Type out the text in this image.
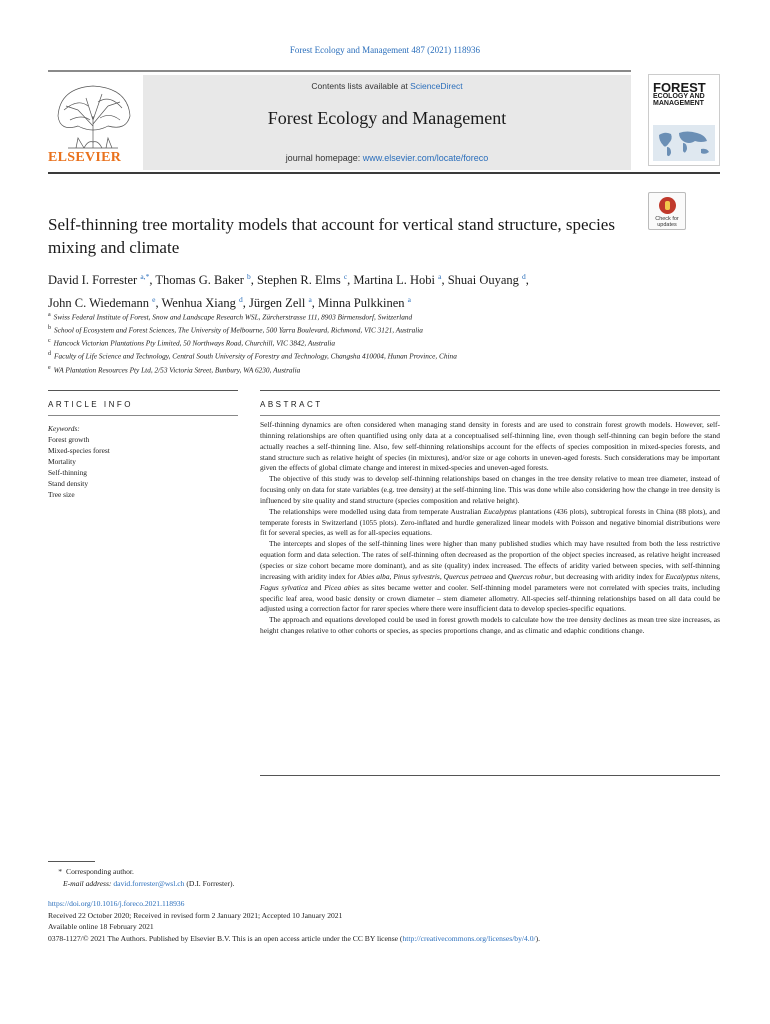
Forest Ecology and Management 487 (2021) 118936
ELSEVIER
Contents lists available at ScienceDirect
Forest Ecology and Management
journal homepage: www.elsevier.com/locate/foreco
FOREST
ECOLOGY AND
MANAGEMENT
Check for
updates
Self-thinning tree mortality models that account for vertical stand structure, species mixing and climate
David I. Forrester $^{a,*}$, Thomas G. Baker $^b$, Stephen R. Elms $^c$, Martina L. Hobi $^a$, Shuai Ouyang $^d$,
John C. Wiedemann $^e$, Wenhua Xiang $^d$, Jürgen Zell $^a$, Minna Pulkkinen $^a$
$^a$ Swiss Federal Institute of Forest, Snow and Landscape Research WSL, Zürcherstrasse 111, 8903 Birmensdorf, Switzerland
$^b$ School of Ecosystem and Forest Sciences, The University of Melbourne, 500 Yarra Boulevard, Richmond, VIC 3121, Australia
$^c$ Hancock Victorian Plantations Pty Limited, 50 Northways Road, Churchill, VIC 3842, Australia
$^d$ Faculty of Life Science and Technology, Central South University of Forestry and Technology, Changsha 410004, Hunan Province, China
$^e$ WA Plantation Resources Pty Ltd, 2/53 Victoria Street, Bunbury, WA 6230, Australia
ARTICLE INFO	ABSTRACT
Keywords:
Forest growth
Mixed-species forest
Mortality
Self-thinning
Stand density
Tree size

Self-thinning dynamics are often considered when managing stand density in forests and are used to constrain forest growth models. However, self-thinning relationships are often quantified using only data at a conceptualised self-thinning line, even though self-thinning can begin before the stand actually reaches a self-thinning line. Also, few self-thinning relationships account for the effects of species composition in mixed-species forests, and stand structure such as relative height of species (in mixtures), and/or size or age cohorts in uneven-aged forests. Such considerations may be important given the effects of global climate change and interest in mixed-species and uneven-aged forests.

The objective of this study was to develop self-thinning relationships based on changes in the tree density relative to mean tree diameter, instead of focusing only on data for state variables (e.g. tree density) at the self-thinning line. This was done while also considering how the change in tree density is influenced by site quality and stand structure (species composition and relative height).

The relationships were modelled using data from temperate Australian Eucalyptus plantations (436 plots), subtropical forests in China (88 plots), and temperate forests in Switzerland (1055 plots). Zero-inflated and hurdle generalized linear models with Poisson and negative binomial distributions were fit for several species, as well as for all-species equations.

The intercepts and slopes of the self-thinning lines were higher than many published studies which may have resulted from both the less restrictive equation form and data selection. The rates of self-thinning often decreased as the proportion of the object species increased, as relative height increased (species or size cohort became more dominant), and as site (quality) index increased. The effects of aridity varied between species, with self-thinning increasing with aridity index for Abies alba, Pinus sylvestris, Quercus petraea and Quercus robur, but decreasing with aridity index for Eucalyptus nitens, Fagus sylvatica and Picea abies as sites became wetter and cooler. Self-thinning model parameters were not correlated with species traits, including specific leaf area, wood basic density or crown diameter – stem diameter allometry. All-species self-thinning relationships based on all data could be adjusted using a correction factor for rarer species where there were insufficient data to develop species-specific equations.

The approach and equations developed could be used in forest growth models to calculate how the tree density declines as mean tree size increases, as height changes relative to other cohorts or species, as species proportions change, and as climatic and edaphic conditions change.

* Corresponding author.
E-mail address: david.forrester@wsl.ch (D.I. Forrester).
https://doi.org/10.1016/j.foreco.2021.118936
Received 22 October 2020; Received in revised form 2 January 2021; Accepted 10 January 2021
Available online 18 February 2021
0378-1127/© 2021 The Authors. Published by Elsevier B.V. This is an open access article under the CC BY license (http://creativecommons.org/licenses/by/4.0/).
